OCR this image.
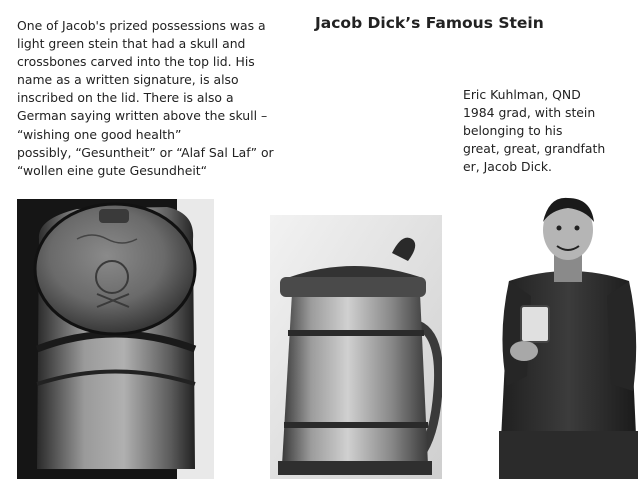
Jacob Dick’s Famous Stein
One of Jacob's prized possessions was a
light green stein that had a skull and
crossbones carved into the top lid. His
name as a written signature, is also
inscribed on the lid. There is also a
German saying written above the skull –
“wishing one good health”
possibly, “Gesuntheit” or “Alaf Sal Laf” or
“wollen eine gute Gesundheit“
Eric Kuhlman, QND
1984 grad, with stein
belonging to his
great, great, grandfath
er, Jacob Dick.
